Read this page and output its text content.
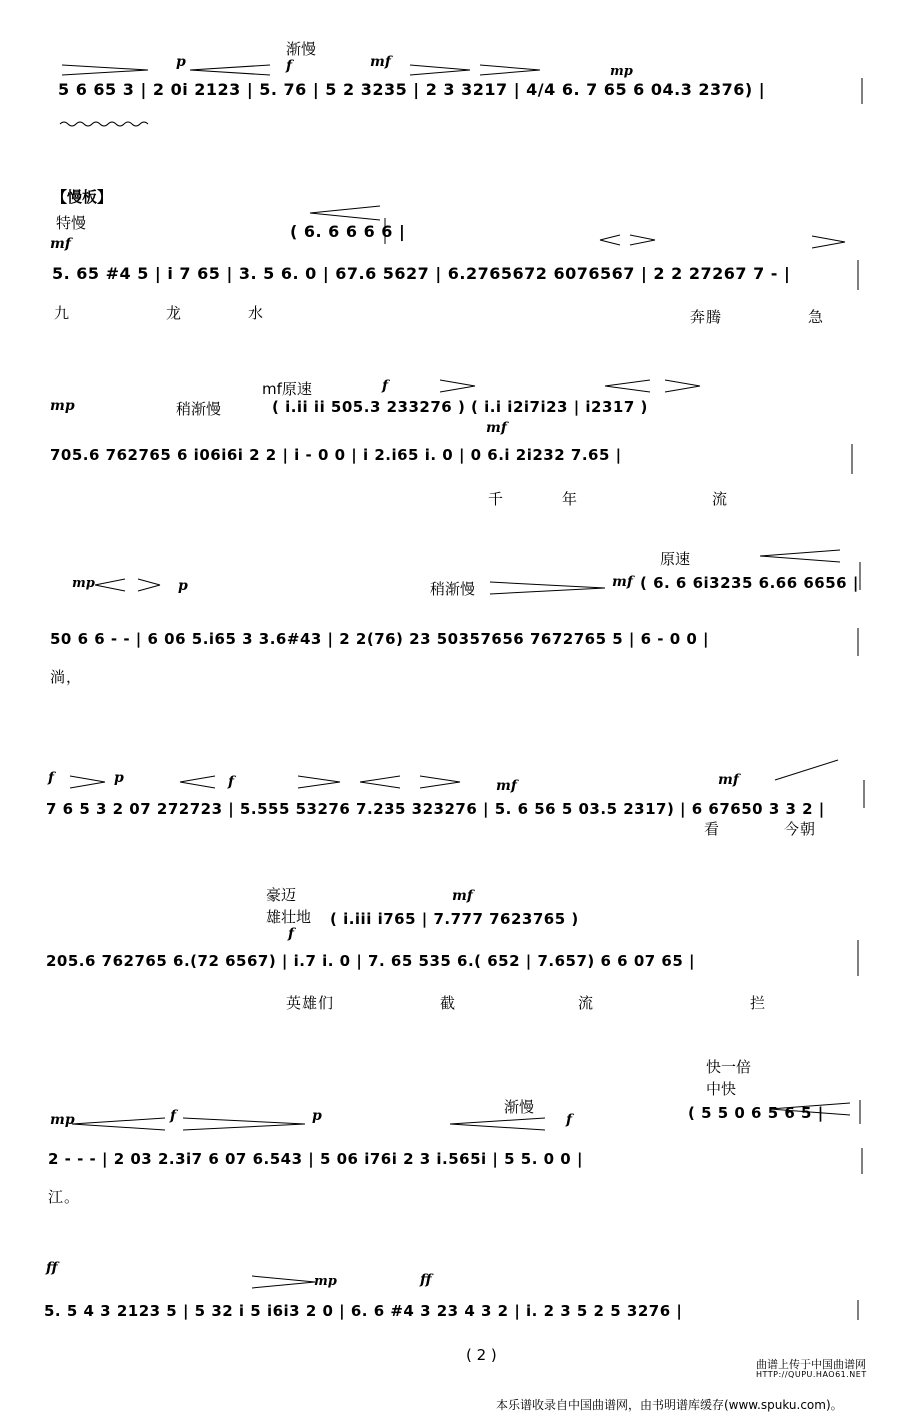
p
渐慢
f	mf
mp
5 6 65 3 | 2 0i 2123 | 5. 76 | 5 2 3235 | 2 3 3217 | 4/4 6. 7 65 6 04.3 2376) |
【慢板】
特慢
mf
( 6. 6 6 6 6 |
5. 65 #4 5 | i 7 65 | 3. 5 6. 0 | 67.6 5627 | 6.2765672 6076567 | 2 2 27267 7 - |
九	龙	水	奔腾	急
mp	稍渐慢
mf原速	f
mf
( i.ii ii 505.3 233276 ) ( i.i i2i7i23 | i2317 )
705.6 762765 6 i06i6i 2 2 | i - 0 0 | i 2.i65 i. 0 | 0 6.i 2i232 7.65 |
千	年	流
mp	p	稍渐慢	mf
原速
( 6. 6 6i3235 6.66 6656 |
50 6 6 - - | 6 06 5.i65 3 3.6#43 | 2 2(76) 23 50357656 7672765 5 | 6 - 0 0 |
淌，
f	p	f	mf	mf
7 6 5 3 2 07 272723 | 5.555 53276 7.235 323276 | 5. 6 56 5 03.5 2317) | 6 67650 3 3 2 |
看	今朝
豪迈
雄壮地
f
mf
( i.iii i765 | 7.777 7623765 )
205.6 762765 6.(72 6567) | i.7 i. 0 | 7. 65 535 6.( 652 | 7.657) 6 6 07 65 |
英雄们	截	流	拦
mp	f	p	渐慢
f
快一倍
中快
( 5 5 0 6 5 6 5 |
2 - - - | 2 03 2.3i7 6 07 6.543 | 5 06 i76i 2 3 i.565i | 5 5. 0 0 |
江。
ff
mp	ff
5. 5 4 3 2123 5 | 5 32 i 5 i6i3 2 0 | 6. 6 #4 3 23 4 3 2 | i. 2 3 5 2 5 3276 |
( 2 )
曲谱上传于中国曲谱网
HTTP://QUPU.HAO61.NET
本乐谱收录自中国曲谱网，由书明谱库缓存(www.spuku.com)。
